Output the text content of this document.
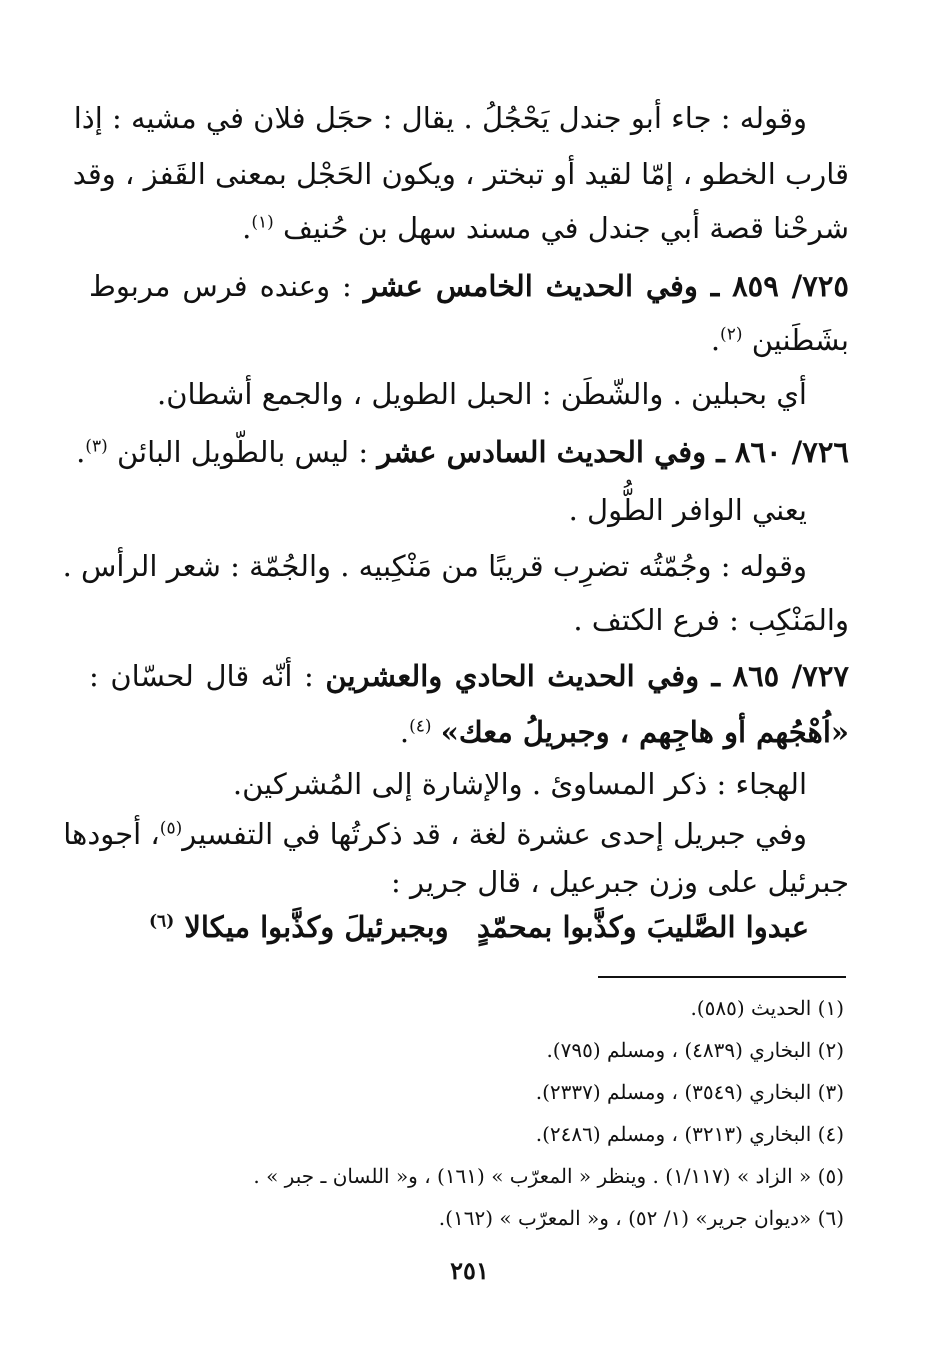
وقوله : جاء أبو جندل يَحْجُلُ . يقال : حجَل فلان في مشيه : إذا
قارب الخطو ، إمّا لقيد أو تبختر ، ويكون الحَجْل بمعنى القَفز ، وقد
شرحْنا قصة أبي جندل في مسند سهل بن حُنيف $^{(١)}$.
٧٢٥/ ٨٥٩ ـ وفي الحديث الخامس عشر : وعنده فرس مربوط
بشَطَنين $^{(٢)}$.
أي بحبلين . والشّطَن : الحبل الطويل ، والجمع أشطان.
٧٢٦/ ٨٦٠ ـ وفي الحديث السادس عشر : ليس بالطّويل البائن $^{(٣)}$.
يعني الوافر الطُّول .
وقوله : وجُمّتُه تضرِب قريبًا من مَنْكِبيه . والجُمّة : شعر الرأس .
والمَنْكِب : فرع الكتف .
٧٢٧/ ٨٦٥ ـ وفي الحديث الحادي والعشرين : أنّه قال لحسّان :
«اُهْجُهم أو هاجِهم ، وجبريلُ معك» $^{(٤)}$.
الهجاء : ذكر المساوئ . والإشارة إلى المُشركين.
وفي جبريل إحدى عشرة لغة ، قد ذكرتُها في التفسير$^{(٥)}$، أجودها
جبرئيل على وزن جبرعيل ، قال جرير :
عبدوا الصَّليبَ وكذَّبوا بمحمّدٍ
وبجبرئيلَ وكذَّبوا ميكالا $^{(٦)}$
(١) الحديث (٥٨٥).
(٢) البخاري (٤٨٣٩) ، ومسلم (٧٩٥).
(٣) البخاري (٣٥٤٩) ، ومسلم (٢٣٣٧).
(٤) البخاري (٣٢١٣) ، ومسلم (٢٤٨٦).
(٥) « الزاد » (١/١١٧) . وينظر « المعرّب » (١٦١) ، و« اللسان ـ جبر » .
(٦) «ديوان جرير» (١/ ٥٢) ، و« المعرّب » (١٦٢).
٢٥١
